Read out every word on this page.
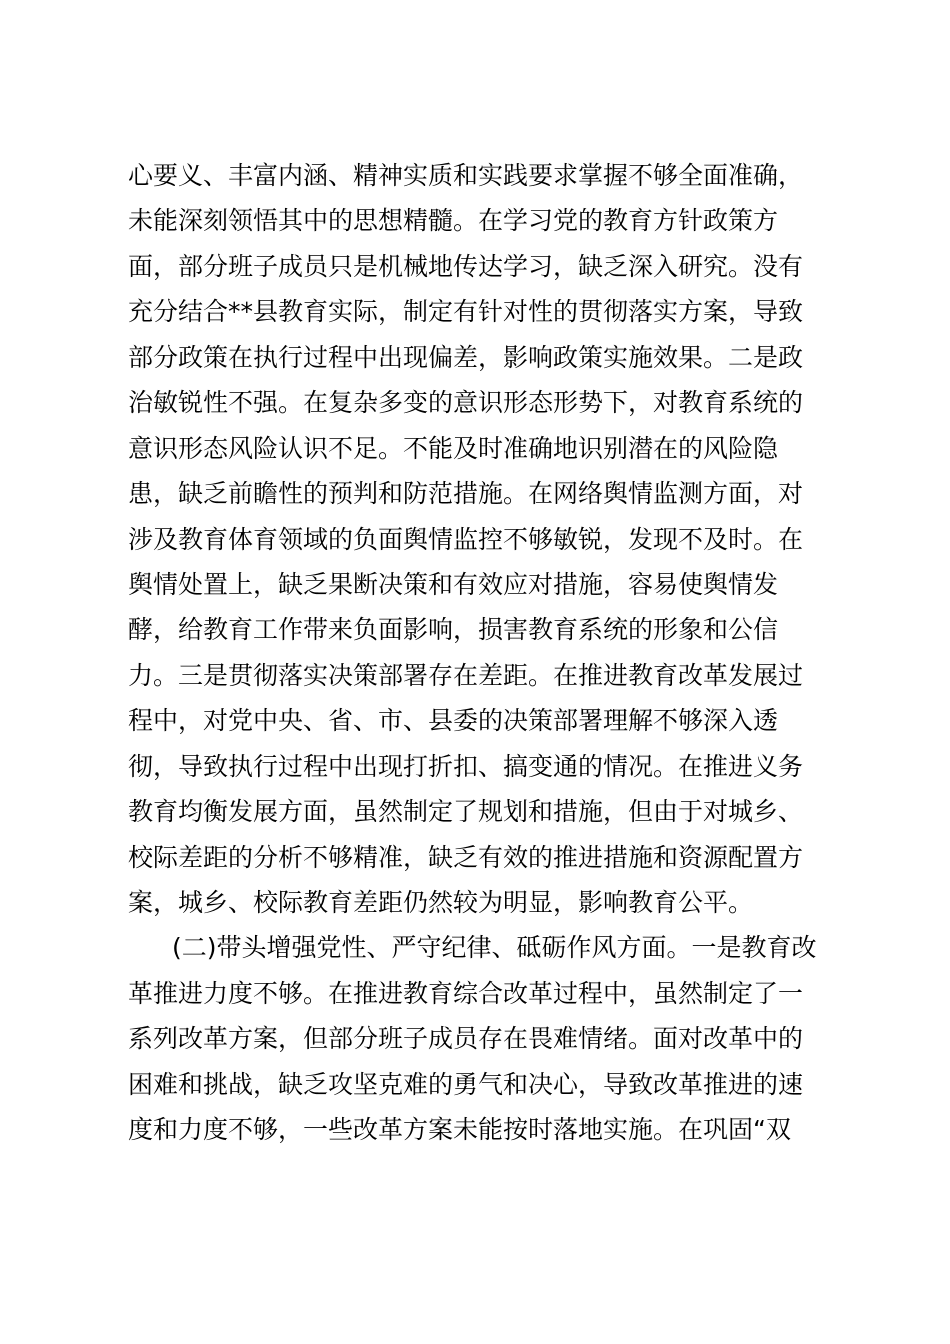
心要义、丰富内涵、精神实质和实践要求掌握不够全面准确，
未能深刻领悟其中的思想精髓。在学习党的教育方针政策方
面，部分班子成员只是机械地传达学习，缺乏深入研究。没有
充分结合**县教育实际，制定有针对性的贯彻落实方案，导致
部分政策在执行过程中出现偏差，影响政策实施效果。二是政
治敏锐性不强。在复杂多变的意识形态形势下，对教育系统的
意识形态风险认识不足。不能及时准确地识别潜在的风险隐
患，缺乏前瞻性的预判和防范措施。在网络舆情监测方面，对
涉及教育体育领域的负面舆情监控不够敏锐，发现不及时。在
舆情处置上，缺乏果断决策和有效应对措施，容易使舆情发
酵，给教育工作带来负面影响，损害教育系统的形象和公信
力。三是贯彻落实决策部署存在差距。在推进教育改革发展过
程中，对党中央、省、市、县委的决策部署理解不够深入透
彻，导致执行过程中出现打折扣、搞变通的情况。在推进义务
教育均衡发展方面，虽然制定了规划和措施，但由于对城乡、
校际差距的分析不够精准，缺乏有效的推进措施和资源配置方
案，城乡、校际教育差距仍然较为明显，影响教育公平。
(二)带头增强党性、严守纪律、砥砺作风方面。一是教育改
革推进力度不够。在推进教育综合改革过程中，虽然制定了一
系列改革方案，但部分班子成员存在畏难情绪。面对改革中的
困难和挑战，缺乏攻坚克难的勇气和决心，导致改革推进的速
度和力度不够，一些改革方案未能按时落地实施。在巩固“双
